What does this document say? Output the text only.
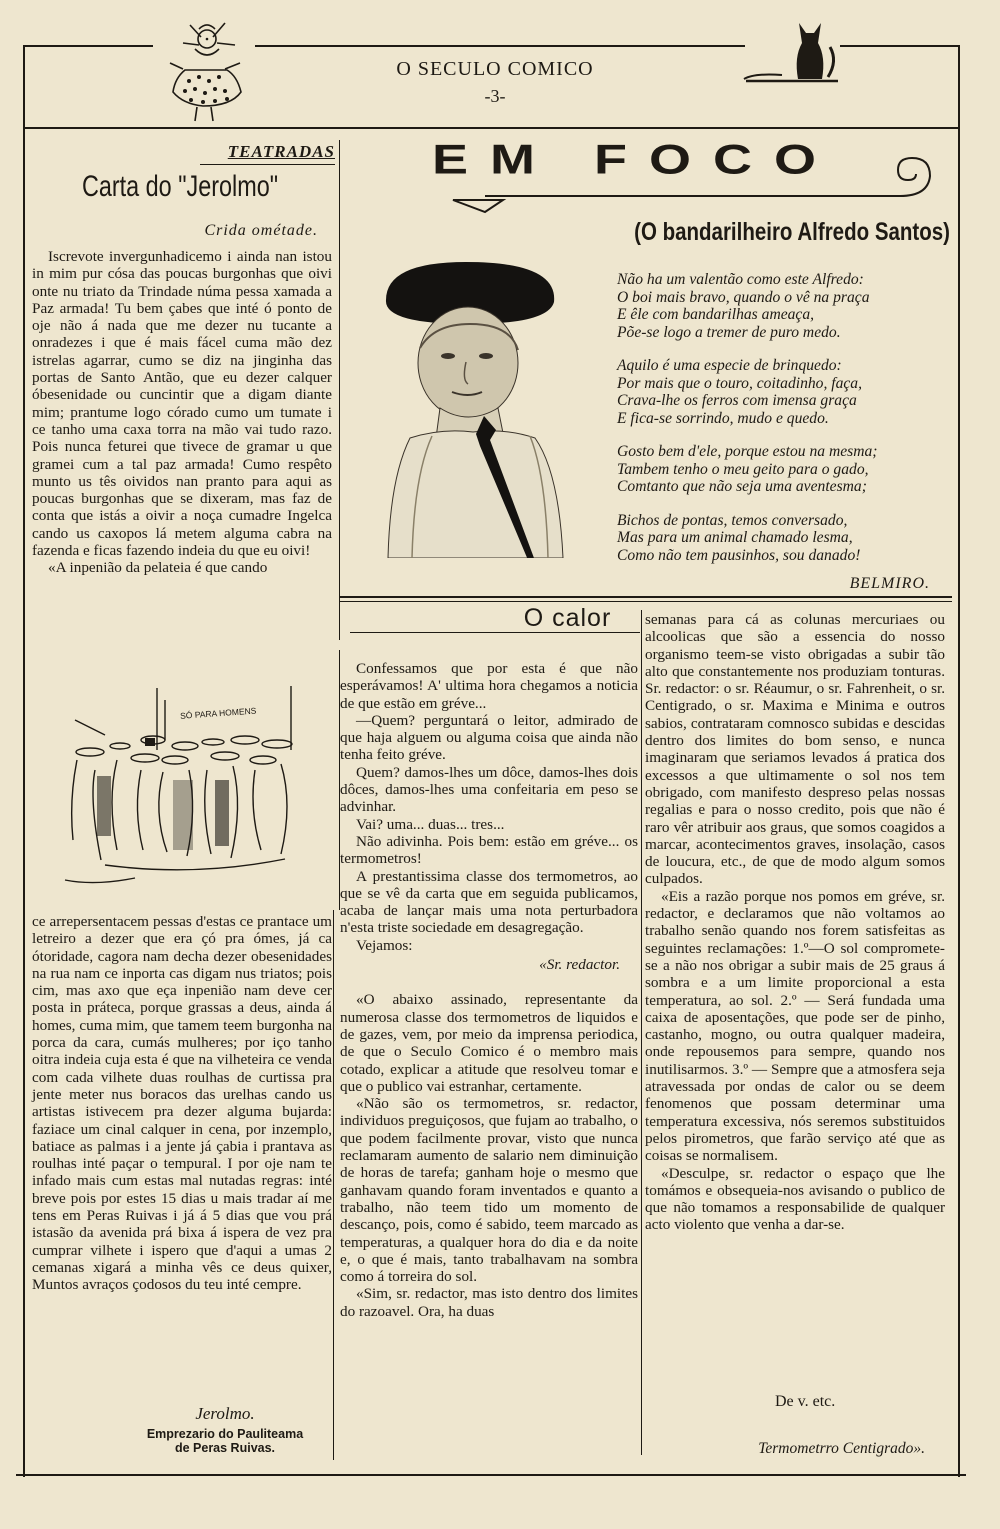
O SECULO COMICO
-3-
TEATRADAS
Carta do "Jerolmo"
Crida ométade.

Iscrevote invergunhadicemo i ainda nan istou in mim pur cósa das poucas burgonhas que oivi onte nu triato da Trindade núma pessa xamada a Paz armada! Tu bem çabes que inté ó ponto de oje não á nada que me dezer nu tucante a onradezes i que é mais fácel cuma mão dez istrelas agarrar, cumo se diz na jinginha das portas de Santo Antão, que eu dezer calquer óbesenidade ou cuncintir que a digam diante mim; prantume logo córado cumo um tumate i ce tanho uma caxa torra na mão vai tudo razo. Pois nunca feturei que tivece de gramar u que gramei cum a tal paz armada! Cumo respêto munto us tês oividos nan pranto para aqui as poucas burgonhas que se dixeram, mas faz de conta que istás a oivir a noça cumadre Ingelca cando us caxopos lá metem alguma cabra na fazenda e ficas fazendo indeia du que eu oivi!

«A inpenião da pelateia é que cando

SÓ PARA HOMENS

ce arrepersentacem pessas d'estas ce prantace um letreiro a dezer que era çó pra ómes, já ca ótoridade, cagora nam decha dezer obesenidades na rua nam ce inporta cas digam nus triatos; pois cim, mas axo que eça inpenião nam deve cer posta in práteca, porque grassas a deus, ainda á homes, cuma mim, que tamem teem burgonha na porca da cara, cumás mulheres; por iço tanho oitra indeia cuja esta é que na vilheteira ce venda com cada vilhete duas roulhas de curtissa pra jente meter nus boracos das urelhas cando us artistas istivecem pra dezer alguma bujarda: faziace um cinal calquer in cena, por inzemplo, batiace as palmas i a jente já çabia i prantava as roulhas inté paçar o tempural. I por oje nam te infado mais cum estas mal nutadas regras: inté breve pois por estes 15 dias u mais tradar aí me tens em Peras Ruivas i já á 5 dias que vou prá istasão da avenida prá bixa á ispera de vez pra cumprar vilhete i ispero que d'aqui a umas 2 cemanas xigará a minha vês ce deus quixer, Muntos avraços çodosos du teu inté cempre.

Jerolmo.
Emprezario do Pauliteama
de Peras Ruivas.
EM FOCO
(O bandarilheiro Alfredo Santos)

Não ha um valentão como este Alfredo:

O boi mais bravo, quando o vê na praça

E êle com bandarilhas ameaça,

Põe-se logo a tremer de puro medo.

Aquilo é uma especie de brinquedo:

Por mais que o touro, coitadinho, faça,

Crava-lhe os ferros com imensa graça

E fica-se sorrindo, mudo e quedo.

Gosto bem d'ele, porque estou na mesma;

Tambem tenho o meu geito para o gado,

Comtanto que não seja uma aventesma;

Bichos de pontas, temos conversado,

Mas para um animal chamado lesma,

Como não tem pausinhos, sou danado!

BELMIRO.
O calor

Confessamos que por esta é que não esperávamos! A' ultima hora chegamos a noticia de que estão em gréve...

—Quem? perguntará o leitor, admirado de que haja alguem ou alguma coisa que ainda não tenha feito gréve.

Quem? damos-lhes um dôce, damos-lhes dois dôces, damos-lhes uma confeitaria em peso se advinhar.

Vai? uma... duas... tres...

Não adivinha. Pois bem: estão em gréve... os termometros!

A prestantissima classe dos termometros, ao que se vê da carta que em seguida publicamos, acaba de lançar mais uma nota perturbadora n'esta triste sociedade em desagregação.

Vejamos:

«Sr. redactor.

«O abaixo assinado, representante da numerosa classe dos termometros de liquidos e de gazes, vem, por meio da imprensa periodica, de que o Seculo Comico é o membro mais cotado, explicar a atitude que resolveu tomar e que o publico vai estranhar, certamente.

«Não são os termometros, sr. redactor, individuos preguiçosos, que fujam ao trabalho, o que podem facilmente provar, visto que nunca reclamaram aumento de salario nem diminuição de horas de tarefa; ganham hoje o mesmo que ganhavam quando foram inventados e quanto a trabalho, não teem tido um momento de descanço, pois, como é sabido, teem marcado as temperaturas, a qualquer hora do dia e da noite e, o que é mais, tanto trabalhavam na sombra como á torreira do sol.

«Sim, sr. redactor, mas isto dentro dos limites do razoavel. Ora, ha duas

semanas para cá as colunas mercuriaes ou alcoolicas que são a essencia do nosso organismo teem-se visto obrigadas a subir tão alto que constantemente nos produziam tonturas. Sr. redactor: o sr. Réaumur, o sr. Fahrenheit, o sr. Centigrado, o sr. Maxima e Minima e outros sabios, contrataram comnosco subidas e descidas dentro dos limites do bom senso, e nunca imaginaram que seriamos levados á pratica dos excessos a que ultimamente o sol nos tem obrigado, com manifesto despreso pelas nossas regalias e para o nosso credito, pois que não é raro vêr atribuir aos graus, que somos coagidos a marcar, acontecimentos graves, insolação, casos de loucura, etc., de que de modo algum somos culpados.

«Eis a razão porque nos pomos em gréve, sr. redactor, e declaramos que não voltamos ao trabalho senão quando nos forem satisfeitas as seguintes reclamações: 1.º—O sol compromete-se a não nos obrigar a subir mais de 25 graus á sombra e a um limite proporcional a esta temperatura, ao sol. 2.º — Será fundada uma caixa de aposentações, que pode ser de pinho, castanho, mogno, ou outra qualquer madeira, onde repousemos para sempre, quando nos inutilisarmos. 3.º — Sempre que a atmosfera seja atravessada por ondas de calor ou se deem fenomenos que possam determinar uma temperatura excessiva, nós seremos substituidos pelos pirometros, que farão serviço até que as coisas se normalisem.

«Desculpe, sr. redactor o espaço que lhe tomámos e obsequeia-nos avisando o publico de que não tomamos a responsabilide de qualquer acto violento que venha a dar-se.

De v. etc.
Termometrro Centigrado».
